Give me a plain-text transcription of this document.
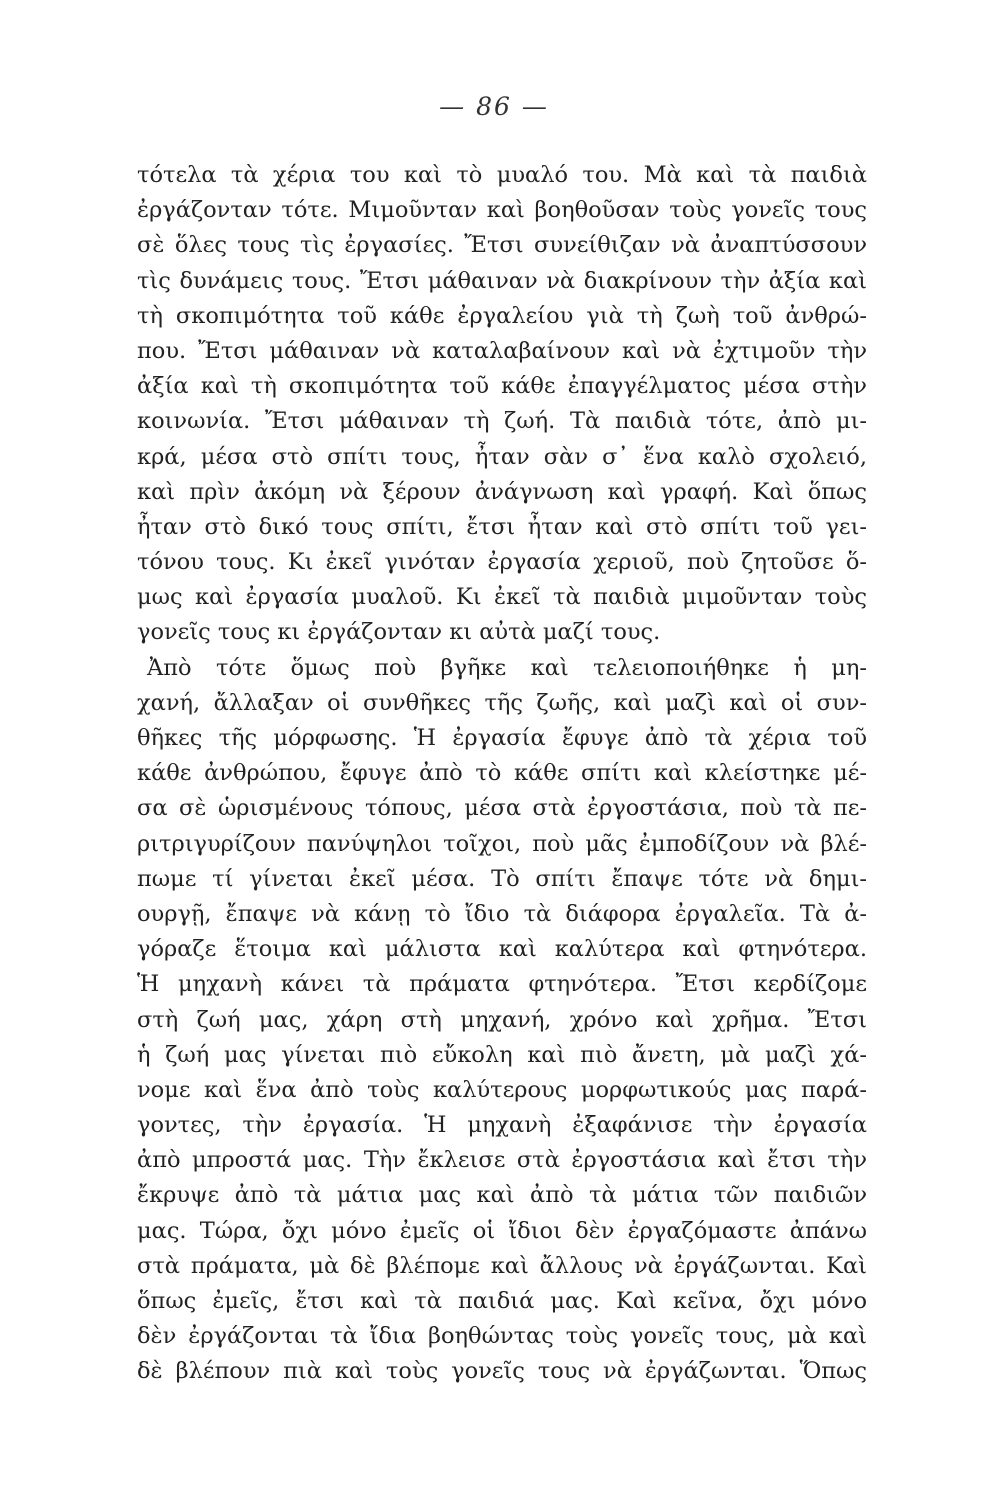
— 86 —
τότελα τὰ χέρια του καὶ τὸ μυαλό του. Μὰ καὶ τὰ παιδιὰ
ἐργάζονταν τότε. Μιμοῦνταν καὶ βοηθοῦσαν τοὺς γονεῖς τους
σὲ ὅλες τους τὶς ἐργασίες. Ἔτσι συνείθιζαν νὰ ἀναπτύσσουν
τὶς δυνάμεις τους. Ἔτσι μάθαιναν νὰ διακρίνουν τὴν ἀξία καὶ
τὴ σκοπιμότητα τοῦ κάθε ἐργαλείου γιὰ τὴ ζωὴ τοῦ ἀνθρώ-
που. Ἔτσι μάθαιναν νὰ καταλαβαίνουν καὶ νὰ ἐχτιμοῦν τὴν
ἀξία καὶ τὴ σκοπιμότητα τοῦ κάθε ἐπαγγέλματος μέσα στὴν
κοινωνία. Ἔτσι μάθαιναν τὴ ζωή. Τὰ παιδιὰ τότε, ἀπὸ μι-
κρά, μέσα στὸ σπίτι τους, ἦταν σὰν σ᾽ ἕνα καλὸ σχολειό,
καὶ πρὶν ἀκόμη νὰ ξέρουν ἀνάγνωση καὶ γραφή. Καὶ ὅπως
ἦταν στὸ δικό τους σπίτι, ἔτσι ἦταν καὶ στὸ σπίτι τοῦ γει-
τόνου τους. Κι ἐκεῖ γινόταν ἐργασία χεριοῦ, ποὺ ζητοῦσε ὅ-
μως καὶ ἐργασία μυαλοῦ. Κι ἐκεῖ τὰ παιδιὰ μιμοῦνταν τοὺς
γονεῖς τους κι ἐργάζονταν κι αὐτὰ μαζί τους.
Ἀπὸ τότε ὅμως ποὺ βγῆκε καὶ τελειοποιήθηκε ἡ μη-
χανή, ἄλλαξαν οἱ συνθῆκες τῆς ζωῆς, καὶ μαζὶ καὶ οἱ συν-
θῆκες τῆς μόρφωσης. Ἡ ἐργασία ἔφυγε ἀπὸ τὰ χέρια τοῦ
κάθε ἀνθρώπου, ἔφυγε ἀπὸ τὸ κάθε σπίτι καὶ κλείστηκε μέ-
σα σὲ ὡρισμένους τόπους, μέσα στὰ ἐργοστάσια, ποὺ τὰ πε-
ριτριγυρίζουν πανύψηλοι τοῖχοι, ποὺ μᾶς ἐμποδίζουν νὰ βλέ-
πωμε τί γίνεται ἐκεῖ μέσα. Τὸ σπίτι ἔπαψε τότε νὰ δημι-
ουργῇ, ἔπαψε νὰ κάνῃ τὸ ἴδιο τὰ διάφορα ἐργαλεῖα. Τὰ ἀ-
γόραζε ἕτοιμα καὶ μάλιστα καὶ καλύτερα καὶ φτηνότερα.
Ἡ μηχανὴ κάνει τὰ πράματα φτηνότερα. Ἔτσι κερδίζομε
στὴ ζωή μας, χάρη στὴ μηχανή, χρόνο καὶ χρῆμα. Ἔτσι
ἡ ζωή μας γίνεται πιὸ εὔκολη καὶ πιὸ ἄνετη, μὰ μαζὶ χά-
νομε καὶ ἕνα ἀπὸ τοὺς καλύτερους μορφωτικούς μας παρά-
γοντες, τὴν ἐργασία. Ἡ μηχανὴ ἐξαφάνισε τὴν ἐργασία
ἀπὸ μπροστά μας. Τὴν ἔκλεισε στὰ ἐργοστάσια καὶ ἔτσι τὴν
ἔκρυψε ἀπὸ τὰ μάτια μας καὶ ἀπὸ τὰ μάτια τῶν παιδιῶν
μας. Τώρα, ὄχι μόνο ἐμεῖς οἱ ἴδιοι δὲν ἐργαζόμαστε ἀπάνω
στὰ πράματα, μὰ δὲ βλέπομε καὶ ἄλλους νὰ ἐργάζωνται. Καὶ
ὅπως ἐμεῖς, ἔτσι καὶ τὰ παιδιά μας. Καὶ κεῖνα, ὄχι μόνο
δὲν ἐργάζονται τὰ ἴδια βοηθώντας τοὺς γονεῖς τους, μὰ καὶ
δὲ βλέπουν πιὰ καὶ τοὺς γονεῖς τους νὰ ἐργάζωνται. Ὅπως
